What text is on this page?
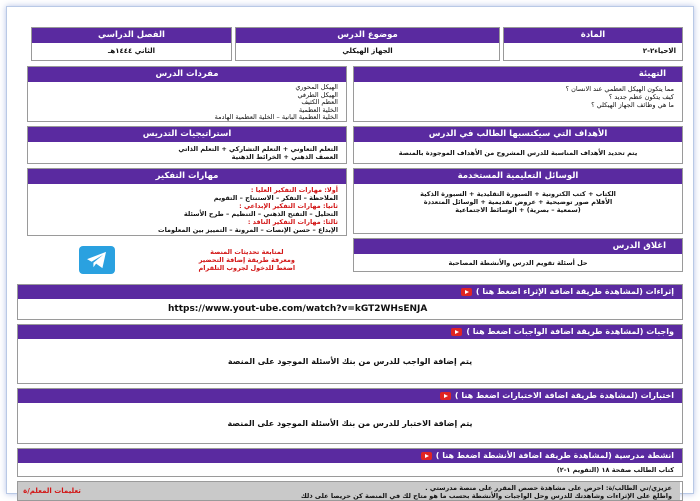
المادة
الاحياء٢-٢
موضوع الدرس
الجهاز الهيكلي
الفصل الدراسي
الثاني ١٤٤٤هـ
التهيئة
مما يتكون الهيكل العظمي عند الانسان ؟
كيف يتكون عظم جديد ؟
ما هي وظائف الجهاز الهيكلي ؟
الأهداف التي سيكتسبها الطالب في الدرس
يتم تحديد الأهداف المناسبة للدرس المشروح من الأهداف الموجودة بالمنصة
الوسائل التعليمية المستخدمة
الكتاب + كتب الكترونية + السبورة التقليدية + السبورة الذكية
الأقلام صور توضيحية + عروض تقديمية + الوسائل المتعددة
(سمعية – بصرية) + الوسائط الاجتماعية
اغلاق الدرس
حل أسئلة تقويم الدرس والأنشطة المصاحبة
مفردات الدرس
الهيكل المحوري
الهيكل الطرفي
العظم الكثيف
الخلية العظمية
الخلية العظمية البانية – الخلية العظمية الهادمة
استراتيجيات التدريس
التعلم التعاوني + التعلم التشاركي + التعلم الذاتي
العصف الذهني + الخرائط الذهنية
مهارات التفكير
أولا: مهارات التفكير العليا :
الملاحظة – التفكر – الاستنتاج – التقويم
ثانيا: مهارات التفكير الإبداعي :
التحليل – التفتح الذهني – التنظيم – طرح الأسئلة
ثالثا: مهارات التفكير الناقد :
الإبداع – حسن الإنصات – المرونة – التمييز بين المعلومات
لمتابعة تحديثات المنصة
ومعرفة طريقة إضافة التحضير
اضغط للدخول لجروب التلقرام
إثراءات (لمشاهدة طريقة اضافة الإثراء اضغط هنا )
https://www.yout-ube.com/watch?v=kGT2WHsENJA
واجبات (لمشاهدة طريقة اضافة الواجبات اضغط هنا )
يتم إضافة الواجب للدرس من بنك الأسئلة الموجود على المنصة
اختبارات (لمشاهدة طريقة اضافة الاختبارات اضغط هنا )
يتم إضافة الاختبار للدرس من بنك الأسئلة الموجود على المنصة
انشطة مدرسية (لمشاهدة طريقة اضافة الأنشطة اضغط هنا )
كتاب الطالب صفحة ١٨ (التقويم ١-٢)
عزيزي/تي الطالب/ة: احرص على مشاهدة حصص المقرر على منصة مدرستي .
واطلع على الإثراءات وشاهدتك للدرس وحل الواجبات والأنشطة بحسب ما هو متاح لك في المنصة كن حريصا على ذلك
تعليمات المعلم/ة
